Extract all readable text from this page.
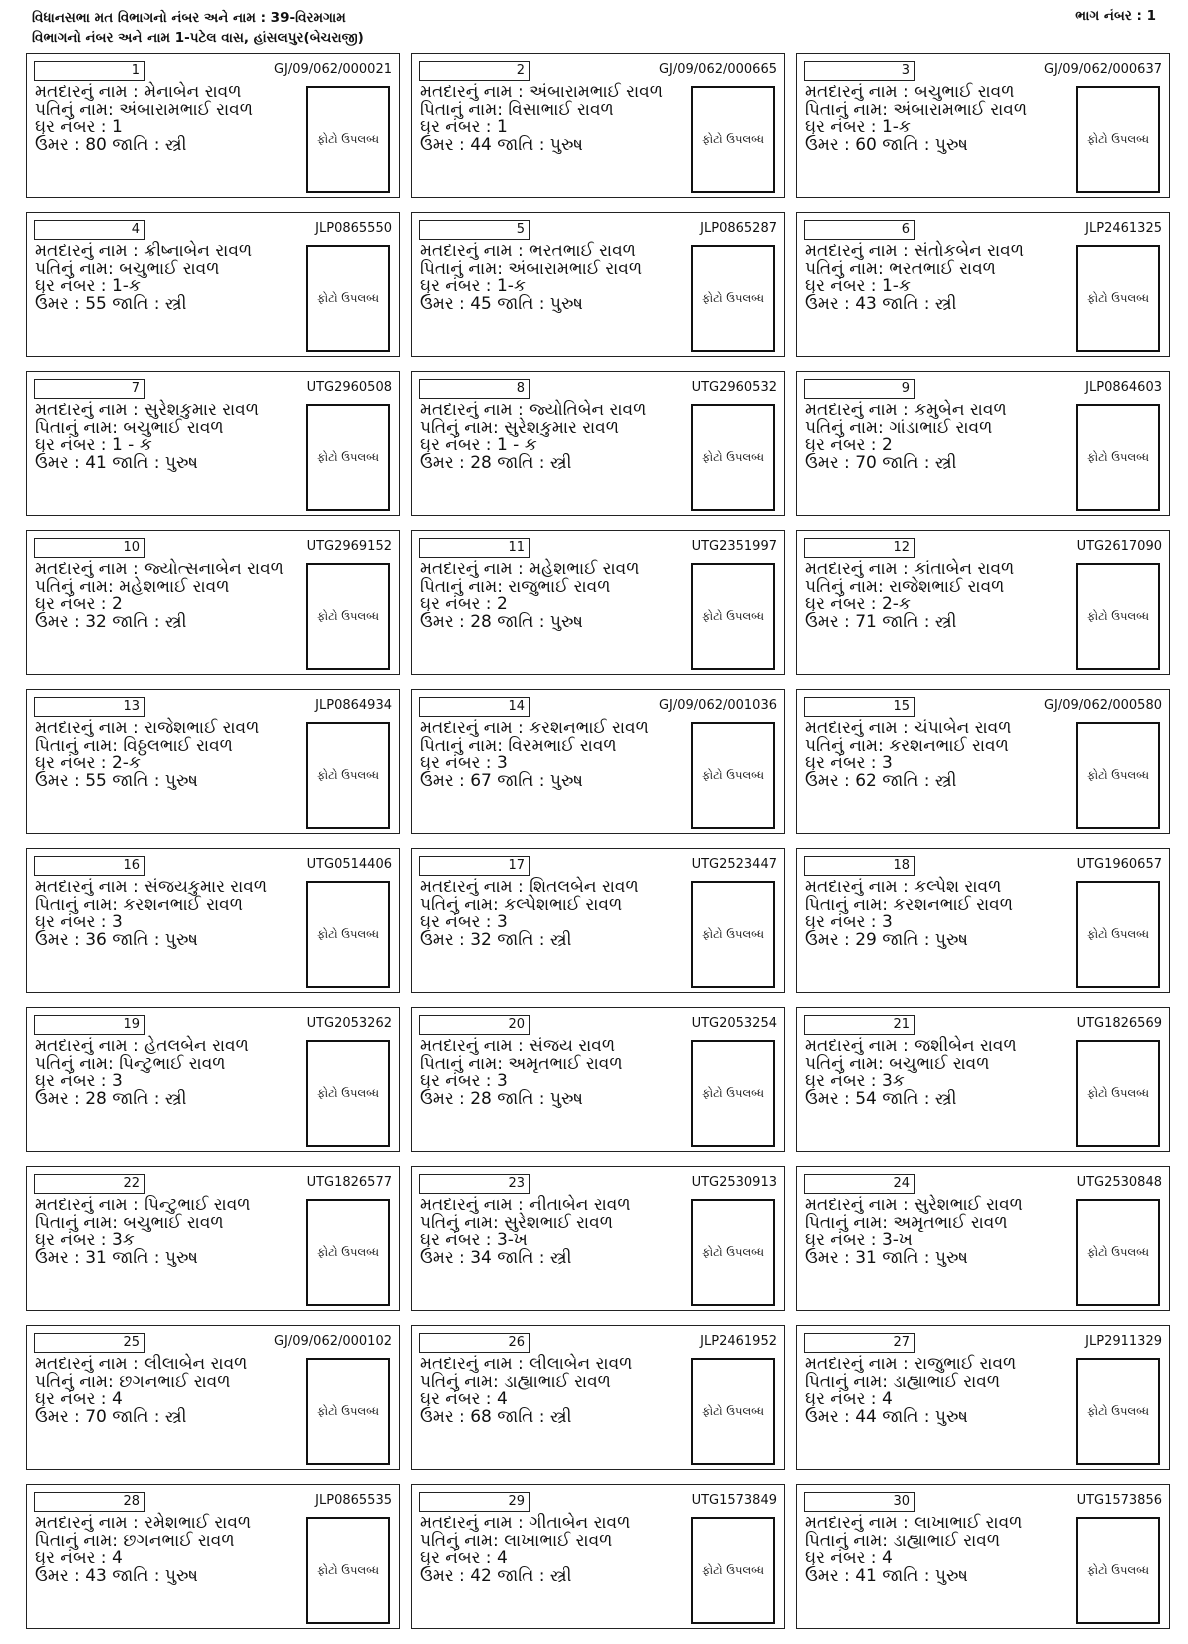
વિધાનસભા મત વિભાગનો નંબર અને નામ : 39-વિરમગામ
વિભાગનો નંબર અને નામ 1-પટેલ વાસ, હાંસલપુર(બેચરાજી)
ભાગ નંબર : 1
1	GJ/09/062/000021
મતદારનું નામ : મેનાબેન રાવળ
પતિનું નામ: અંબારામભાઈ રાવળ
ઘર નંબર : 1
ઉંમર : 80 જાતિ : સ્ત્રી	ફોટો ઉપલબ્ધ
2	GJ/09/062/000665
મતદારનું નામ : અંબારામભાઈ રાવળ
પિતાનું નામ: વિસાભાઈ રાવળ
ઘર નંબર : 1
ઉંમર : 44 જાતિ : પુરુષ	ફોટો ઉપલબ્ધ
3	GJ/09/062/000637
મતદારનું નામ : બચુભાઈ રાવળ
પિતાનું નામ: અંબારામભાઈ રાવળ
ઘર નંબર : 1-ક
ઉંમર : 60 જાતિ : પુરુષ	ફોટો ઉપલબ્ધ
4	JLP0865550
મતદારનું નામ : ક્રીષ્નાબેન રાવળ
પતિનું નામ: બચુભાઈ રાવળ
ઘર નંબર : 1-ક
ઉંમર : 55 જાતિ : સ્ત્રી	ફોટો ઉપલબ્ધ
5	JLP0865287
મતદારનું નામ : ભરતભાઈ રાવળ
પિતાનું નામ: અંબારામભાઈ રાવળ
ઘર નંબર : 1-ક
ઉંમર : 45 જાતિ : પુરુષ	ફોટો ઉપલબ્ધ
6	JLP2461325
મતદારનું નામ : સંતોકબેન રાવળ
પતિનું નામ: ભરતભાઈ રાવળ
ઘર નંબર : 1-ક
ઉંમર : 43 જાતિ : સ્ત્રી	ફોટો ઉપલબ્ધ
7	UTG2960508
મતદારનું નામ : સુરેશકુમાર રાવળ
પિતાનું નામ: બચુભાઈ રાવળ
ઘર નંબર : 1 - ક
ઉંમર : 41 જાતિ : પુરુષ	ફોટો ઉપલબ્ધ
8	UTG2960532
મતદારનું નામ : જ્યોતિબેન રાવળ
પતિનું નામ: સુરેશકુમાર રાવળ
ઘર નંબર : 1 - ક
ઉંમર : 28 જાતિ : સ્ત્રી	ફોટો ઉપલબ્ધ
9	JLP0864603
મતદારનું નામ : કમુબેન રાવળ
પતિનું નામ: ગાંડાભાઈ રાવળ
ઘર નંબર : 2
ઉંમર : 70 જાતિ : સ્ત્રી	ફોટો ઉપલબ્ધ
10	UTG2969152
મતદારનું નામ : જ્યોત્સનાબેન રાવળ
પતિનું નામ: મહેશભાઈ રાવળ
ઘર નંબર : 2
ઉંમર : 32 જાતિ : સ્ત્રી	ફોટો ઉપલબ્ધ
11	UTG2351997
મતદારનું નામ : મહેશભાઈ રાવળ
પિતાનું નામ: રાજુભાઈ રાવળ
ઘર નંબર : 2
ઉંમર : 28 જાતિ : પુરુષ	ફોટો ઉપલબ્ધ
12	UTG2617090
મતદારનું નામ : કાંતાબેન રાવળ
પતિનું નામ: રાજેશભાઈ રાવળ
ઘર નંબર : 2-ક
ઉંમર : 71 જાતિ : સ્ત્રી	ફોટો ઉપલબ્ધ
13	JLP0864934
મતદારનું નામ : રાજેશભાઈ રાવળ
પિતાનું નામ: વિઠ્ઠલભાઈ રાવળ
ઘર નંબર : 2-ક
ઉંમર : 55 જાતિ : પુરુષ	ફોટો ઉપલબ્ધ
14	GJ/09/062/001036
મતદારનું નામ : કરશનભાઈ રાવળ
પિતાનું નામ: વિરમભાઈ રાવળ
ઘર નંબર : 3
ઉંમર : 67 જાતિ : પુરુષ	ફોટો ઉપલબ્ધ
15	GJ/09/062/000580
મતદારનું નામ : ચંપાબેન રાવળ
પતિનું નામ: કરશનભાઈ રાવળ
ઘર નંબર : 3
ઉંમર : 62 જાતિ : સ્ત્રી	ફોટો ઉપલબ્ધ
16	UTG0514406
મતદારનું નામ : સંજયકુમાર રાવળ
પિતાનું નામ: કરશનભાઈ રાવળ
ઘર નંબર : 3
ઉંમર : 36 જાતિ : પુરુષ	ફોટો ઉપલબ્ધ
17	UTG2523447
મતદારનું નામ : શિતલબેન રાવળ
પતિનું નામ: કલ્પેશભાઈ રાવળ
ઘર નંબર : 3
ઉંમર : 32 જાતિ : સ્ત્રી	ફોટો ઉપલબ્ધ
18	UTG1960657
મતદારનું નામ : કલ્પેશ રાવળ
પિતાનું નામ: કરશનભાઈ રાવળ
ઘર નંબર : 3
ઉંમર : 29 જાતિ : પુરુષ	ફોટો ઉપલબ્ધ
19	UTG2053262
મતદારનું નામ : હેતલબેન રાવળ
પતિનું નામ: પિન્ટુભાઈ રાવળ
ઘર નંબર : 3
ઉંમર : 28 જાતિ : સ્ત્રી	ફોટો ઉપલબ્ધ
20	UTG2053254
મતદારનું નામ : સંજય રાવળ
પિતાનું નામ: અમૃતભાઈ રાવળ
ઘર નંબર : 3
ઉંમર : 28 જાતિ : પુરુષ	ફોટો ઉપલબ્ધ
21	UTG1826569
મતદારનું નામ : જશીબેન રાવળ
પતિનું નામ: બચુભાઈ રાવળ
ઘર નંબર : 3ક
ઉંમર : 54 જાતિ : સ્ત્રી	ફોટો ઉપલબ્ધ
22	UTG1826577
મતદારનું નામ : પિન્ટુભાઈ રાવળ
પિતાનું નામ: બચુભાઈ રાવળ
ઘર નંબર : 3ક
ઉંમર : 31 જાતિ : પુરુષ	ફોટો ઉપલબ્ધ
23	UTG2530913
મતદારનું નામ : નીતાબેન રાવળ
પતિનું નામ: સુરેશભાઈ રાવળ
ઘર નંબર : 3-ખ
ઉંમર : 34 જાતિ : સ્ત્રી	ફોટો ઉપલબ્ધ
24	UTG2530848
મતદારનું નામ : સુરેશભાઈ રાવળ
પિતાનું નામ: અમૃતભાઈ રાવળ
ઘર નંબર : 3-ખ
ઉંમર : 31 જાતિ : પુરુષ	ફોટો ઉપલબ્ધ
25	GJ/09/062/000102
મતદારનું નામ : લીલાબેન રાવળ
પતિનું નામ: છગનભાઈ રાવળ
ઘર નંબર : 4
ઉંમર : 70 જાતિ : સ્ત્રી	ફોટો ઉપલબ્ધ
26	JLP2461952
મતદારનું નામ : લીલાબેન રાવળ
પતિનું નામ: ડાહ્યાભાઈ રાવળ
ઘર નંબર : 4
ઉંમર : 68 જાતિ : સ્ત્રી	ફોટો ઉપલબ્ધ
27	JLP2911329
મતદારનું નામ : રાજુભાઈ રાવળ
પિતાનું નામ: ડાહ્યાભાઈ રાવળ
ઘર નંબર : 4
ઉંમર : 44 જાતિ : પુરુષ	ફોટો ઉપલબ્ધ
28	JLP0865535
મતદારનું નામ : રમેશભાઈ રાવળ
પિતાનું નામ: છગનભાઈ રાવળ
ઘર નંબર : 4
ઉંમર : 43 જાતિ : પુરુષ	ફોટો ઉપલબ્ધ
29	UTG1573849
મતદારનું નામ : ગીતાબેન રાવળ
પતિનું નામ: લાખાભાઈ રાવળ
ઘર નંબર : 4
ઉંમર : 42 જાતિ : સ્ત્રી	ફોટો ઉપલબ્ધ
30	UTG1573856
મતદારનું નામ : લાખાભાઈ રાવળ
પિતાનું નામ: ડાહ્યાભાઈ રાવળ
ઘર નંબર : 4
ઉંમર : 41 જાતિ : પુરુષ	ફોટો ઉપલબ્ધ
